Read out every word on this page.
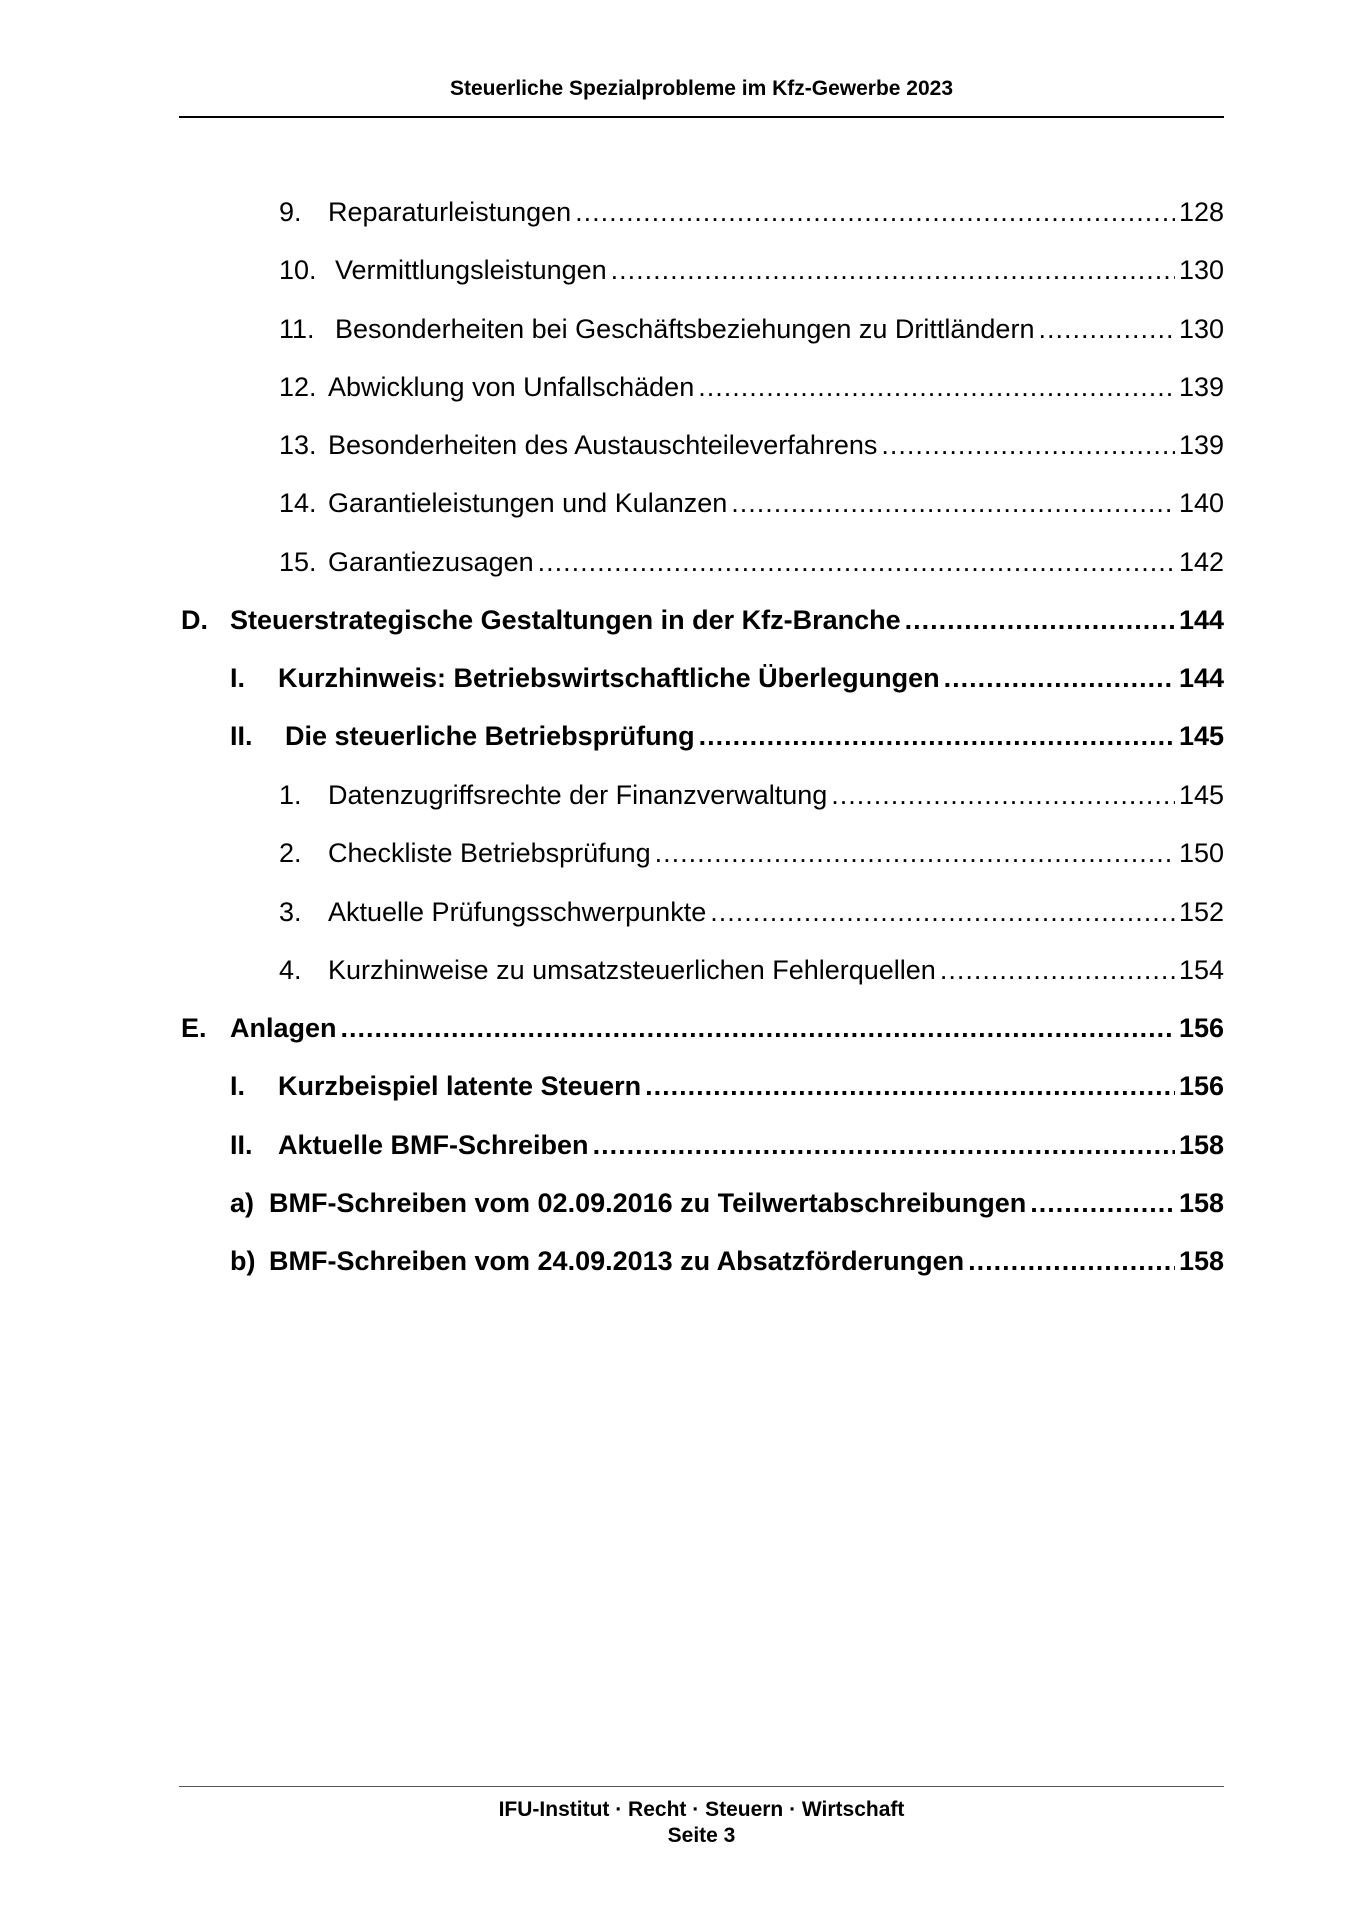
Steuerliche Spezialprobleme im Kfz-Gewerbe 2023
9. Reparaturleistungen .....	128
10. Vermittlungsleistungen .....	130
11. Besonderheiten bei Geschäftsbeziehungen zu Drittländern .....	130
12. Abwicklung von Unfallschäden .....	139
13. Besonderheiten des Austauschteileverfahrens .....	139
14. Garantieleistungen und Kulanzen .....	140
15. Garantiezusagen .....	142
D. Steuerstrategische Gestaltungen in der Kfz-Branche .....	144
I.	Kurzhinweis: Betriebswirtschaftliche Überlegungen .....	144
II.	Die steuerliche Betriebsprüfung .....	145
1. Datenzugriffsrechte der Finanzverwaltung .....	145
2. Checkliste Betriebsprüfung .....	150
3. Aktuelle Prüfungsschwerpunkte .....	152
4. Kurzhinweise zu umsatzsteuerlichen Fehlerquellen .....	154
E. Anlagen .....	156
I.	Kurzbeispiel latente Steuern .....	156
II. Aktuelle BMF-Schreiben .....	158
a) BMF-Schreiben vom 02.09.2016 zu Teilwertabschreibungen .....	158
b) BMF-Schreiben vom 24.09.2013 zu Absatzförderungen .....	158
IFU-Institut · Recht · Steuern · Wirtschaft
Seite 3
